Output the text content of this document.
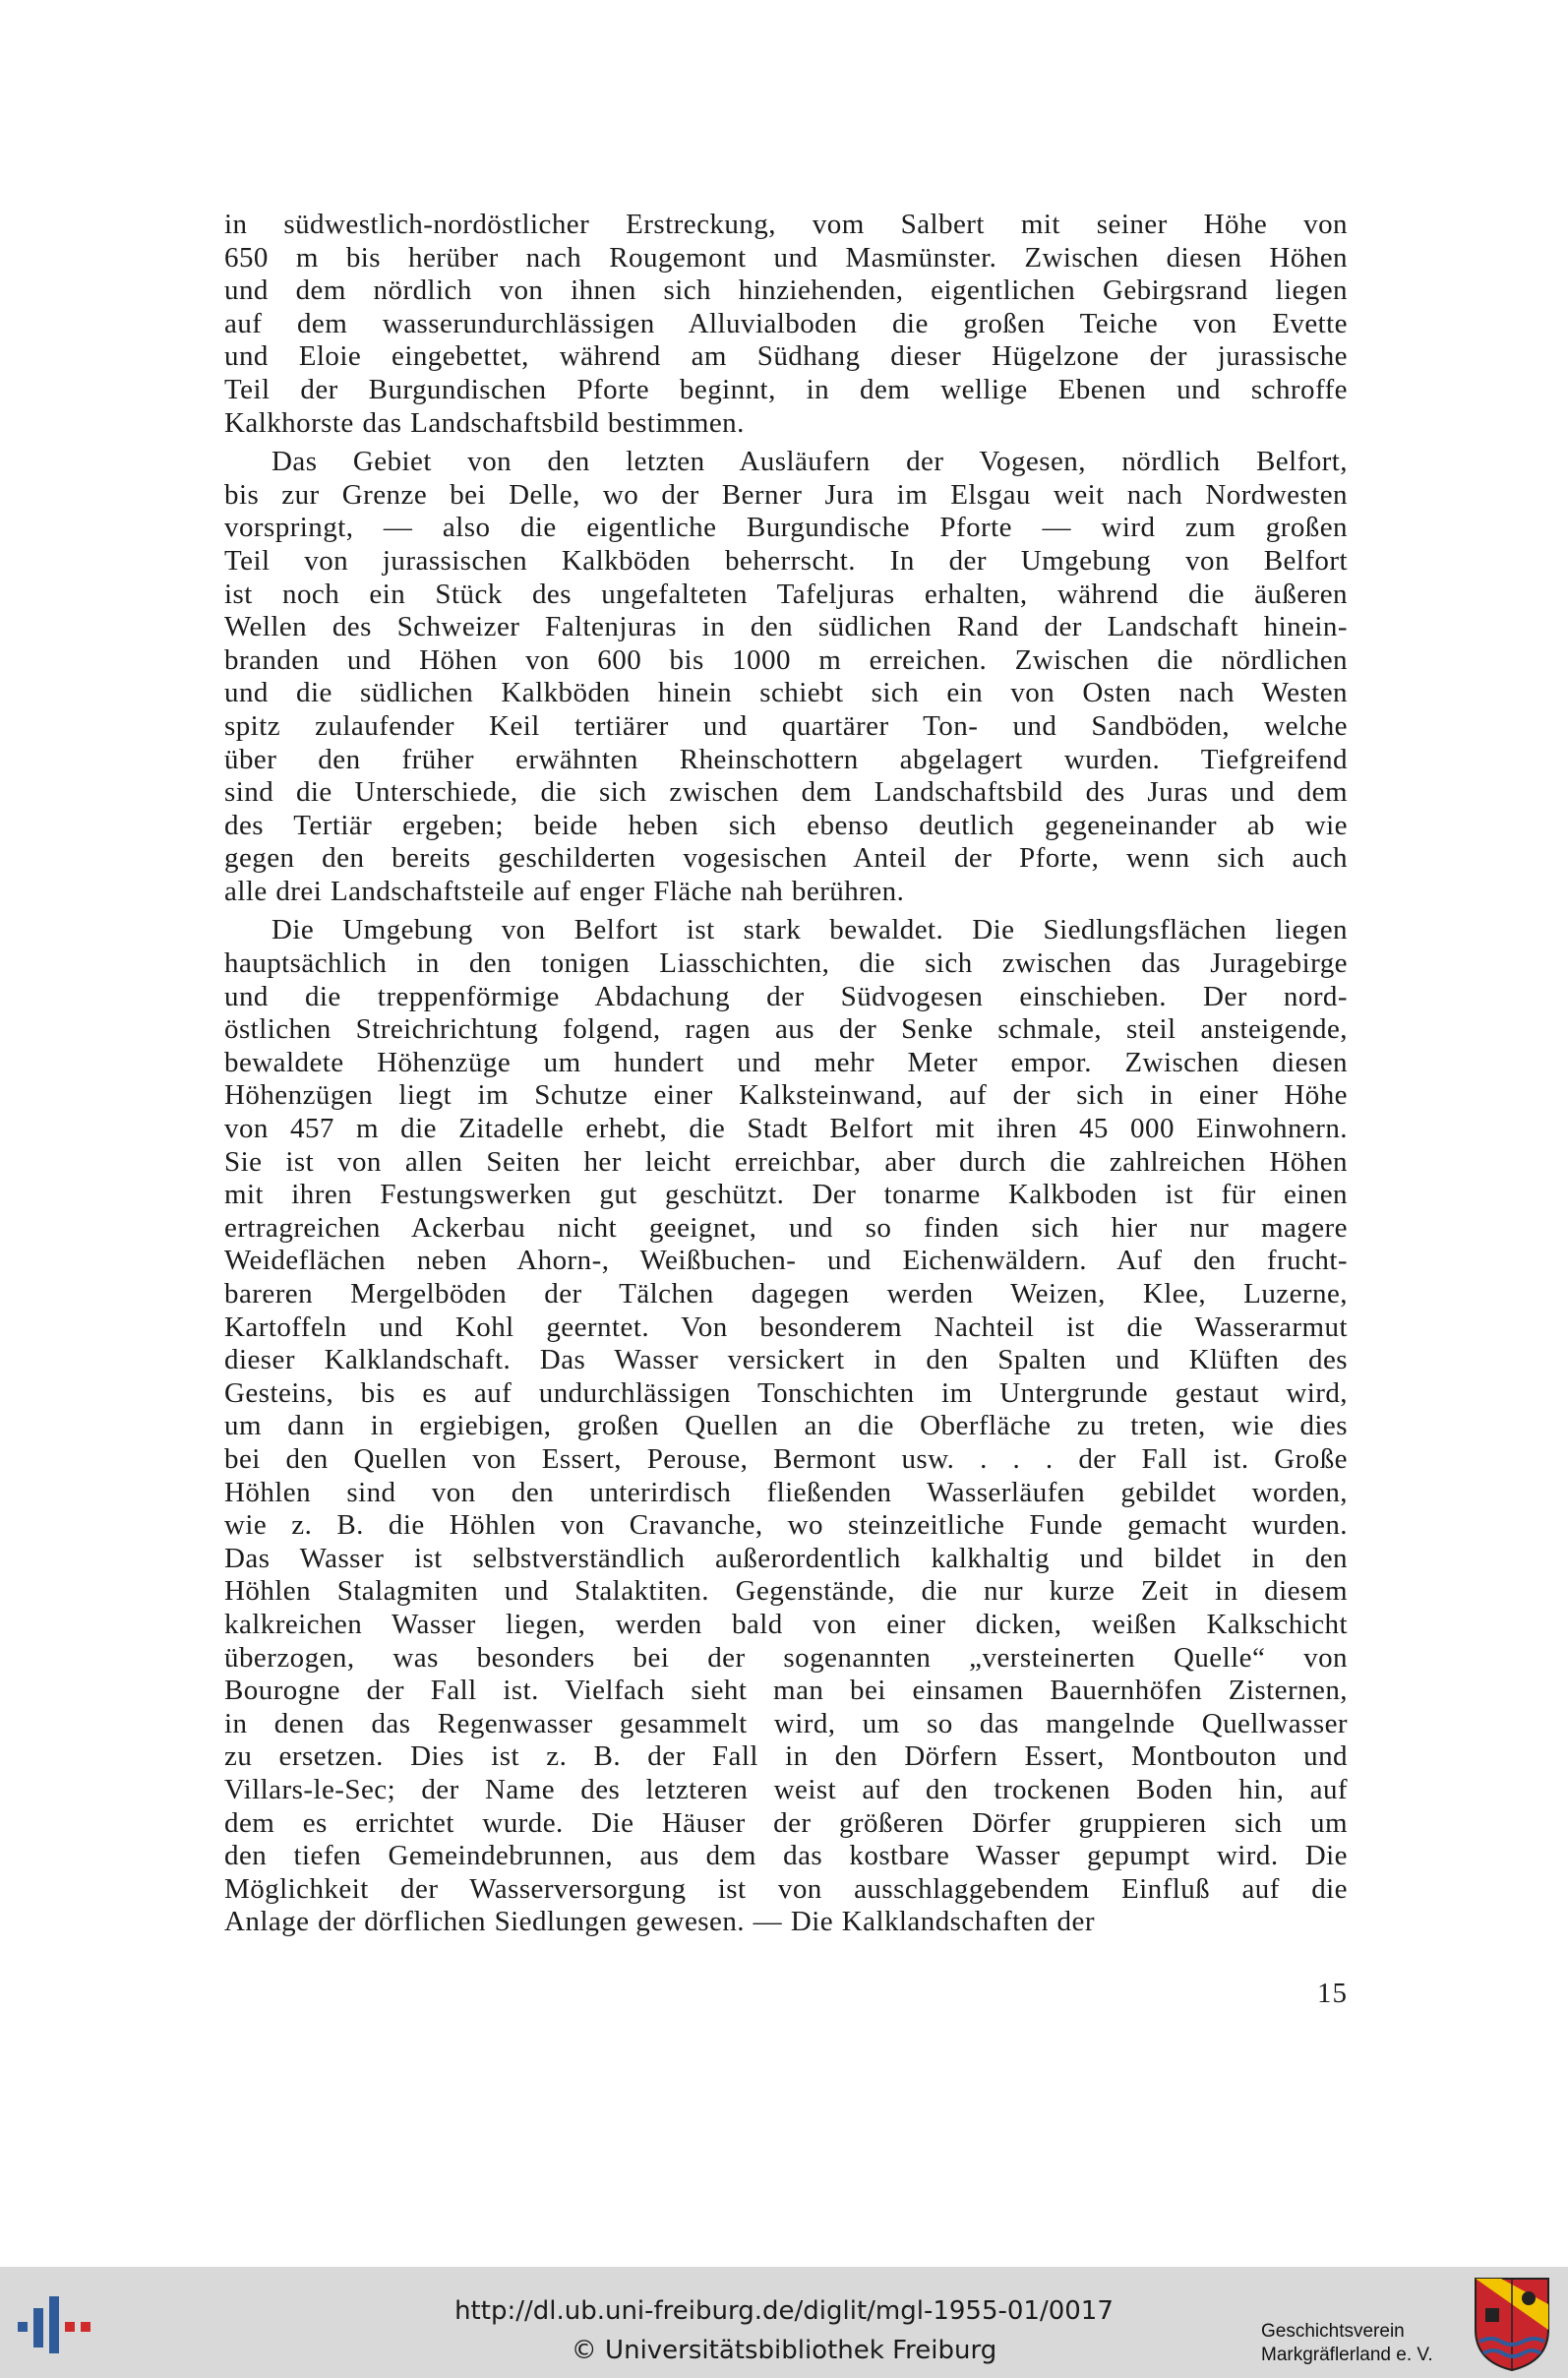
in südwestlich-nordöstlicher Erstreckung, vom Salbert mit seiner Höhe von
650 m bis herüber nach Rougemont und Masmünster. Zwischen diesen Höhen
und dem nördlich von ihnen sich hinziehenden, eigentlichen Gebirgsrand liegen
auf dem wasserundurchlässigen Alluvialboden die großen Teiche von Evette
und Eloie eingebettet, während am Südhang dieser Hügelzone der jurassische
Teil der Burgundischen Pforte beginnt, in dem wellige Ebenen und schroffe
Kalkhorste das Landschaftsbild bestimmen.

Das Gebiet von den letzten Ausläufern der Vogesen, nördlich Belfort,
bis zur Grenze bei Delle, wo der Berner Jura im Elsgau weit nach Nordwesten
vorspringt, — also die eigentliche Burgundische Pforte — wird zum großen
Teil von jurassischen Kalkböden beherrscht. In der Umgebung von Belfort
ist noch ein Stück des ungefalteten Tafeljuras erhalten, während die äußeren
Wellen des Schweizer Faltenjuras in den südlichen Rand der Landschaft hinein-
branden und Höhen von 600 bis 1000 m erreichen. Zwischen die nördlichen
und die südlichen Kalkböden hinein schiebt sich ein von Osten nach Westen
spitz zulaufender Keil tertiärer und quartärer Ton- und Sandböden, welche
über den früher erwähnten Rheinschottern abgelagert wurden. Tiefgreifend
sind die Unterschiede, die sich zwischen dem Landschaftsbild des Juras und dem
des Tertiär ergeben; beide heben sich ebenso deutlich gegeneinander ab wie
gegen den bereits geschilderten vogesischen Anteil der Pforte, wenn sich auch
alle drei Landschaftsteile auf enger Fläche nah berühren.

Die Umgebung von Belfort ist stark bewaldet. Die Siedlungsflächen liegen
hauptsächlich in den tonigen Liasschichten, die sich zwischen das Juragebirge
und die treppenförmige Abdachung der Südvogesen einschieben. Der nord-
östlichen Streichrichtung folgend, ragen aus der Senke schmale, steil ansteigende,
bewaldete Höhenzüge um hundert und mehr Meter empor. Zwischen diesen
Höhenzügen liegt im Schutze einer Kalksteinwand, auf der sich in einer Höhe
von 457 m die Zitadelle erhebt, die Stadt Belfort mit ihren 45 000 Einwohnern.
Sie ist von allen Seiten her leicht erreichbar, aber durch die zahlreichen Höhen
mit ihren Festungswerken gut geschützt. Der tonarme Kalkboden ist für einen
ertragreichen Ackerbau nicht geeignet, und so finden sich hier nur magere
Weideflächen neben Ahorn-, Weißbuchen- und Eichenwäldern. Auf den frucht-
bareren Mergelböden der Tälchen dagegen werden Weizen, Klee, Luzerne,
Kartoffeln und Kohl geerntet. Von besonderem Nachteil ist die Wasserarmut
dieser Kalklandschaft. Das Wasser versickert in den Spalten und Klüften des
Gesteins, bis es auf undurchlässigen Tonschichten im Untergrunde gestaut wird,
um dann in ergiebigen, großen Quellen an die Oberfläche zu treten, wie dies
bei den Quellen von Essert, Perouse, Bermont usw. . . . der Fall ist. Große
Höhlen sind von den unterirdisch fließenden Wasserläufen gebildet worden,
wie z. B. die Höhlen von Cravanche, wo steinzeitliche Funde gemacht wurden.
Das Wasser ist selbstverständlich außerordentlich kalkhaltig und bildet in den
Höhlen Stalagmiten und Stalaktiten. Gegenstände, die nur kurze Zeit in diesem
kalkreichen Wasser liegen, werden bald von einer dicken, weißen Kalkschicht
überzogen, was besonders bei der sogenannten „versteinerten Quelle“ von
Bourogne der Fall ist. Vielfach sieht man bei einsamen Bauernhöfen Zisternen,
in denen das Regenwasser gesammelt wird, um so das mangelnde Quellwasser
zu ersetzen. Dies ist z. B. der Fall in den Dörfern Essert, Montbouton und
Villars-le-Sec; der Name des letzteren weist auf den trockenen Boden hin, auf
dem es errichtet wurde. Die Häuser der größeren Dörfer gruppieren sich um
den tiefen Gemeindebrunnen, aus dem das kostbare Wasser gepumpt wird. Die
Möglichkeit der Wasserversorgung ist von ausschlaggebendem Einfluß auf die
Anlage der dörflichen Siedlungen gewesen. — Die Kalklandschaften der

15
http://dl.ub.uni-freiburg.de/diglit/mgl-1955-01/0017
© Universitätsbibliothek Freiburg
Geschichtsverein
Markgräflerland e. V.
